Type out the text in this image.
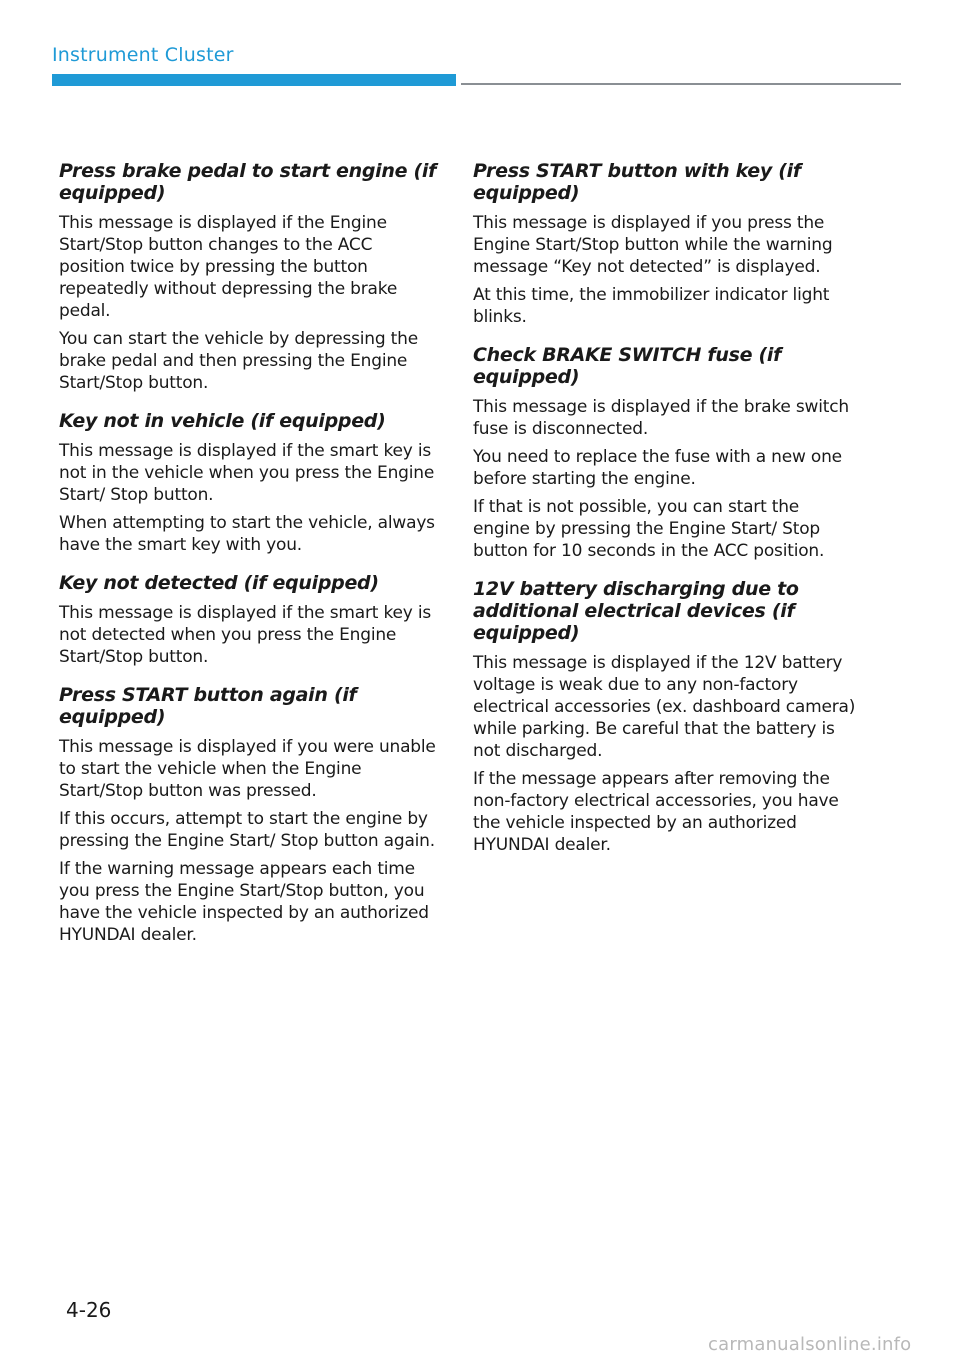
Instrument Cluster
Press brake pedal to start engine (if equipped)

This message is displayed if the Engine Start/Stop button changes to the ACC position twice by pressing the button repeatedly without depressing the brake pedal.

You can start the vehicle by depressing the brake pedal and then pressing the Engine Start/Stop button.

Key not in vehicle (if equipped)

This message is displayed if the smart key is not in the vehicle when you press the Engine Start/ Stop button.

When attempting to start the vehicle, always have the smart key with you.

Key not detected (if equipped)

This message is displayed if the smart key is not detected when you press the Engine Start/Stop button.

Press START button again (if equipped)

This message is displayed if you were unable to start the vehicle when the Engine Start/Stop button was pressed.

If this occurs, attempt to start the engine by pressing the Engine Start/ Stop button again.

If the warning message appears each time you press the Engine Start/Stop button, you have the vehicle inspected by an authorized HYUNDAI dealer.

Press START button with key (if equipped)

This message is displayed if you press the Engine Start/Stop button while the warning message “Key not detected” is displayed.

At this time, the immobilizer indicator light blinks.

Check BRAKE SWITCH fuse (if equipped)

This message is displayed if the brake switch fuse is disconnected.

You need to replace the fuse with a new one before starting the engine.

If that is not possible, you can start the engine by pressing the Engine Start/ Stop button for 10 seconds in the ACC position.

12V battery discharging due to additional electrical devices (if equipped)

This message is displayed if the 12V battery voltage is weak due to any non-factory electrical accessories (ex. dashboard camera) while parking. Be careful that the battery is not discharged.

If the message appears after removing the non-factory electrical accessories, you have the vehicle inspected by an authorized HYUNDAI dealer.

4-26
carmanualsonline.info
